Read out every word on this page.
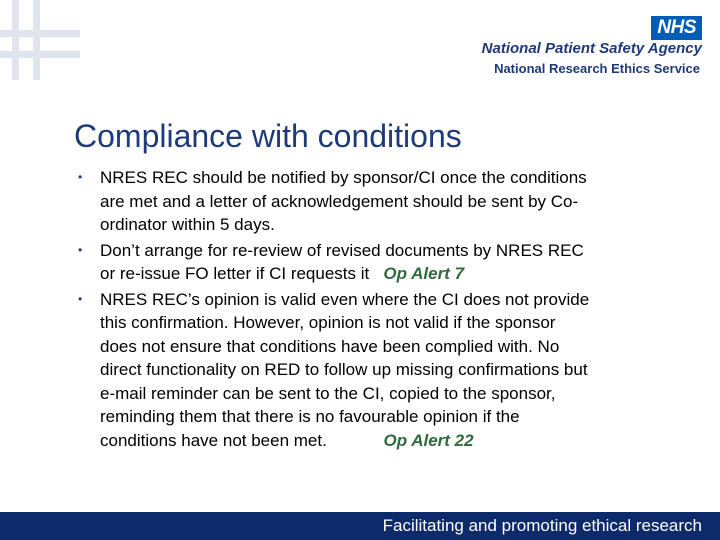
NHS
National Patient Safety Agency
National Research Ethics Service
Compliance with conditions
• NRES REC should be notified by sponsor/CI once the conditions
are met and a letter of acknowledgement should be sent by Co-
ordinator within 5 days.
• Don’t arrange for re-review of revised documents by NRES REC
or re-issue FO letter if CI requests it Op Alert 7
• NRES REC’s opinion is valid even where the CI does not provide
this confirmation. However, opinion is not valid if the sponsor
does not ensure that conditions have been complied with. No
direct functionality on RED to follow up missing confirmations but
e-mail reminder can be sent to the CI, copied to the sponsor,
reminding them that there is no favourable opinion if the
conditions have not been met.	Op Alert 22
Facilitating and promoting ethical research
